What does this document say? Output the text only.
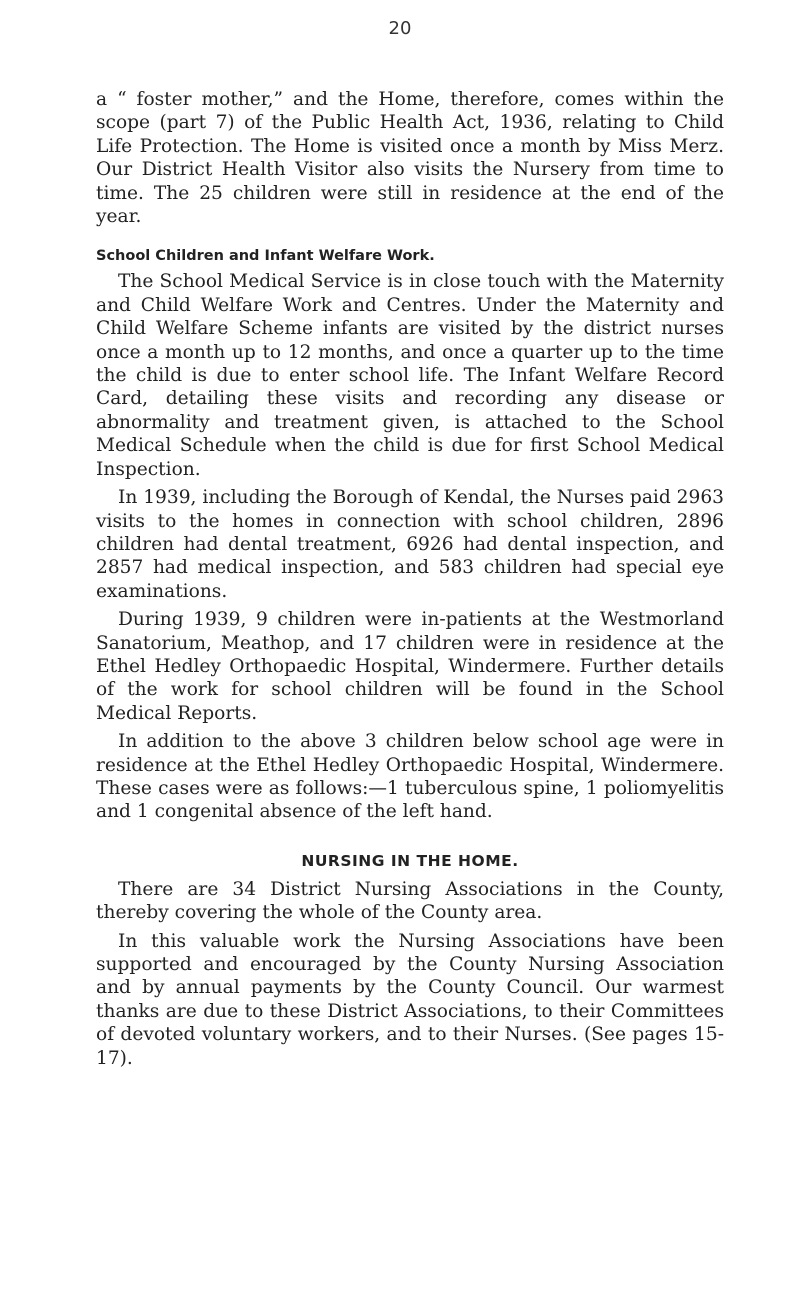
20

a “ foster mother,” and the Home, therefore, comes within the scope (part 7) of the Public Health Act, 1936, relating to Child Life Protection. The Home is visited once a month by Miss Merz. Our District Health Visitor also visits the Nursery from time to time. The 25 children were still in residence at the end of the year.

School Children and Infant Welfare Work.

The School Medical Service is in close touch with the Maternity and Child Welfare Work and Centres. Under the Maternity and Child Welfare Scheme infants are visited by the district nurses once a month up to 12 months, and once a quarter up to the time the child is due to enter school life. The Infant Welfare Record Card, detailing these visits and recording any disease or abnormality and treatment given, is attached to the School Medical Schedule when the child is due for first School Medical Inspection.

In 1939, including the Borough of Kendal, the Nurses paid 2963 visits to the homes in connection with school children, 2896 children had dental treatment, 6926 had dental inspection, and 2857 had medical inspection, and 583 children had special eye examinations.

During 1939, 9 children were in-patients at the Westmorland Sanatorium, Meathop, and 17 children were in residence at the Ethel Hedley Orthopaedic Hospital, Windermere. Further details of the work for school children will be found in the School Medical Reports.

In addition to the above 3 children below school age were in residence at the Ethel Hedley Orthopaedic Hospital, Windermere. These cases were as follows:—1 tuberculous spine, 1 poliomyelitis and 1 congenital absence of the left hand.

NURSING IN THE HOME.

There are 34 District Nursing Associations in the County, thereby covering the whole of the County area.

In this valuable work the Nursing Associations have been supported and encouraged by the County Nursing Association and by annual payments by the County Council. Our warmest thanks are due to these District Associations, to their Committees of devoted voluntary workers, and to their Nurses. (See pages 15-17).
